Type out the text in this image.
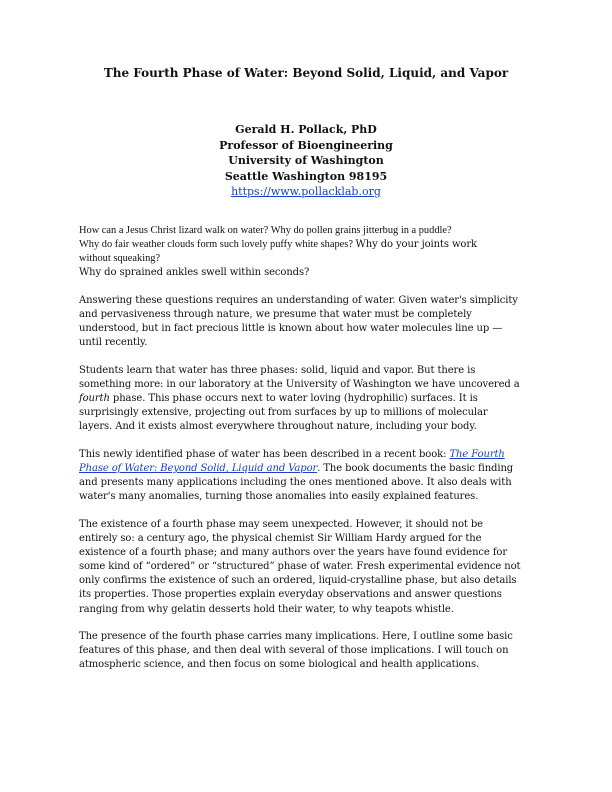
The Fourth Phase of Water: Beyond Solid, Liquid, and Vapor
Gerald H. Pollack, PhD
Professor of Bioengineering
University of Washington
Seattle Washington 98195
https://www.pollacklab.org
How can a Jesus Christ lizard walk on water? Why do pollen grains jitterbug in a puddle?
Why do fair weather clouds form such lovely puffy white shapes? Why do your joints work
without squeaking?
Why do sprained ankles swell within seconds?
Answering these questions requires an understanding of water. Given water's simplicity
and pervasiveness through nature, we presume that water must be completely
understood, but in fact precious little is known about how water molecules line up —
until recently.
Students learn that water has three phases: solid, liquid and vapor. But there is
something more: in our laboratory at the University of Washington we have uncovered a
fourth phase. This phase occurs next to water loving (hydrophilic) surfaces. It is
surprisingly extensive, projecting out from surfaces by up to millions of molecular
layers. And it exists almost everywhere throughout nature, including your body.
This newly identified phase of water has been described in a recent book: The Fourth
Phase of Water: Beyond Solid, Liquid and Vapor. The book documents the basic finding
and presents many applications including the ones mentioned above. It also deals with
water's many anomalies, turning those anomalies into easily explained features.
The existence of a fourth phase may seem unexpected. However, it should not be
entirely so: a century ago, the physical chemist Sir William Hardy argued for the
existence of a fourth phase; and many authors over the years have found evidence for
some kind of “ordered” or “structured” phase of water. Fresh experimental evidence not
only confirms the existence of such an ordered, liquid-crystalline phase, but also details
its properties. Those properties explain everyday observations and answer questions
ranging from why gelatin desserts hold their water, to why teapots whistle.
The presence of the fourth phase carries many implications. Here, I outline some basic
features of this phase, and then deal with several of those implications. I will touch on
atmospheric science, and then focus on some biological and health applications.
